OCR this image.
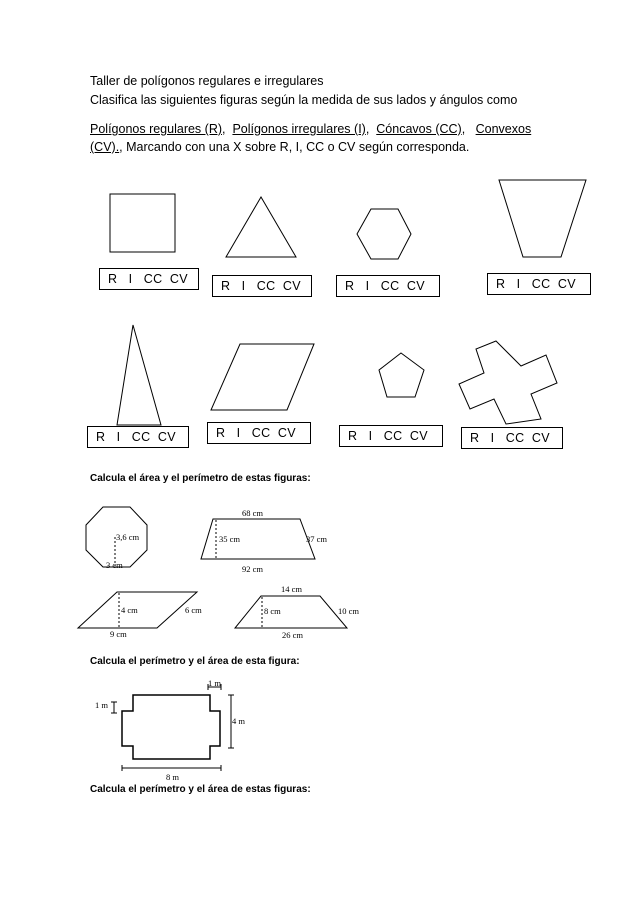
Taller de polígonos regulares e irregulares
Clasifica las siguientes figuras según la medida de sus lados y ángulos como
Polígonos regulares (R),  Polígonos irregulares (I),  Cóncavos (CC),   Convexos
(CV)., Marcando con una X sobre R, I, CC o CV según corresponda.
3,6 cm
3 cm
68 cm
35 cm	37 cm
92 cm
4 cm	6 cm
9 cm
14 cm
8 cm	10 cm
26 cm
1 m
1 m
4 m
8 m
R   I   CC  CV	R   I   CC  CV	R   I   CC  CV	R   I   CC  CV
R   I   CC  CV	R   I   CC  CV	R   I   CC  CV	R   I   CC  CV
Calcula el área y el perímetro de estas figuras:
Calcula el perímetro y el área de esta figura:
Calcula el perímetro y el área de estas figuras:
